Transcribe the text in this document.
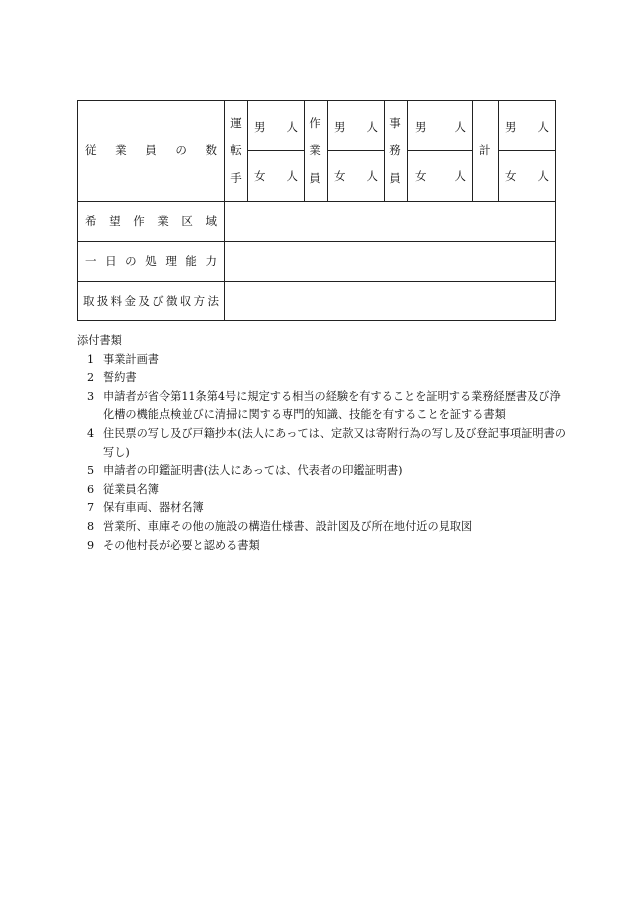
従 業 員 の 数
運
転
手
男 人
女 人
作
業
員
男 人
女 人
事
務
員
男 人
女 人
計
男 人
女 人
希 望 作 業 区 域
一 日 の 処 理 能 力
取 扱 料 金 及 び 徴 収 方 法

添付書類

1 事業計画書
2 誓約書
3 申請者が省令第11条第4号に規定する相当の経験を有することを証明する業務経歴書及び浄化槽の機能点検並びに清掃に関する専門的知識、技能を有することを証する書類
4 住民票の写し及び戸籍抄本(法人にあっては、定款又は寄附行為の写し及び登記事項証明書の写し)
5 申請者の印鑑証明書(法人にあっては、代表者の印鑑証明書)
6 従業員名簿
7 保有車両、器材名簿
8 営業所、車庫その他の施設の構造仕様書、設計図及び所在地付近の見取図
9 その他村長が必要と認める書類
